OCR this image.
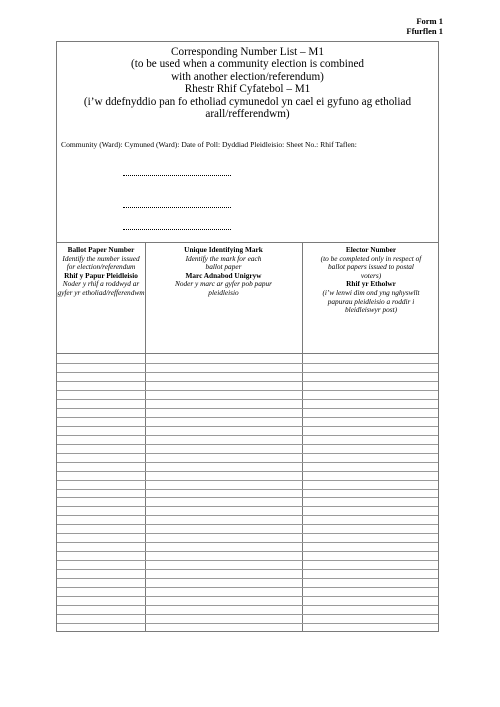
Form 1
Ffurflen 1
Corresponding Number List – M1
(to be used when a community election is combined
with another election/referendum)
Rhestr Rhif Cyfatebol – M1
(i’w ddefnyddio pan fo etholiad cymunedol yn cael ei gyfuno ag etholiad
arall/refferendwm)
Community (Ward): Cymuned (Ward): Date of Poll: Dyddiad Pleidleisio: Sheet No.: Rhif Taflen:
Ballot Paper Number
Identify the number issued
for election/referendum
Rhif y Papur Pleidleisio
Noder y rhif a roddwyd ar
gyfer yr etholiad/refferendwm
Unique Identifying Mark
Identify the mark for each
ballot paper
Marc Adnabod Unigryw
Noder y marc ar gyfer pob papur
pleidleisio
Elector Number
(to be completed only in respect of
ballot papers issued to postal
voters)
Rhif yr Etholwr
(i’w lenwi dim ond yng nghyswllt
papurau pleidleisio a roddir i
bleidleiswyr post)
